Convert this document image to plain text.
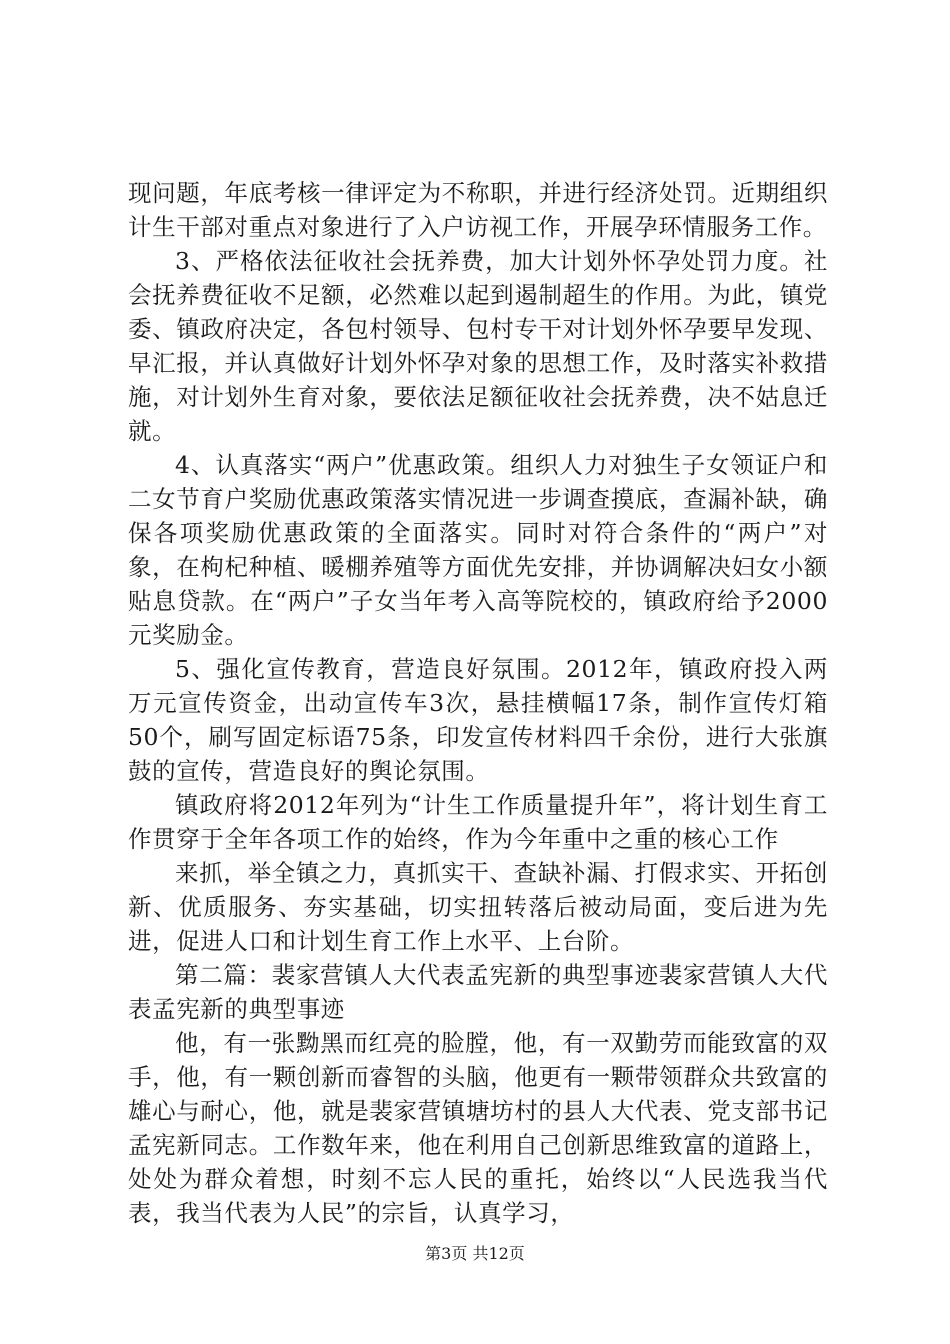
现问题，年底考核一律评定为不称职，并进行经济处罚。近期组织计生干部对重点对象进行了入户访视工作，开展孕环情服务工作。

3、严格依法征收社会抚养费，加大计划外怀孕处罚力度。社会抚养费征收不足额，必然难以起到遏制超生的作用。为此，镇党委、镇政府决定，各包村领导、包村专干对计划外怀孕要早发现、早汇报，并认真做好计划外怀孕对象的思想工作，及时落实补救措施，对计划外生育对象，要依法足额征收社会抚养费，决不姑息迁就。

4、认真落实“两户”优惠政策。组织人力对独生子女领证户和二女节育户奖励优惠政策落实情况进一步调查摸底，查漏补缺，确保各项奖励优惠政策的全面落实。同时对符合条件的“两户”对象，在枸杞种植、暖棚养殖等方面优先安排，并协调解决妇女小额贴息贷款。在“两户”子女当年考入高等院校的，镇政府给予2000元奖励金。

5、强化宣传教育，营造良好氛围。2012年，镇政府投入两万元宣传资金，出动宣传车3次，悬挂横幅17条，制作宣传灯箱50个，刷写固定标语75条，印发宣传材料四千余份，进行大张旗鼓的宣传，营造良好的舆论氛围。

镇政府将2012年列为“计生工作质量提升年”，将计划生育工作贯穿于全年各项工作的始终，作为今年重中之重的核心工作

来抓，举全镇之力，真抓实干、查缺补漏、打假求实、开拓创新、优质服务、夯实基础，切实扭转落后被动局面，变后进为先进，促进人口和计划生育工作上水平、上台阶。

第二篇：裴家营镇人大代表孟宪新的典型事迹裴家营镇人大代表孟宪新的典型事迹

他，有一张黝黑而红亮的脸膛，他，有一双勤劳而能致富的双手，他，有一颗创新而睿智的头脑，他更有一颗带领群众共致富的雄心与耐心，他，就是裴家营镇塘坊村的县人大代表、党支部书记孟宪新同志。工作数年来，他在利用自己创新思维致富的道路上，处处为群众着想，时刻不忘人民的重托，始终以“人民选我当代表，我当代表为人民”的宗旨，认真学习，

第3页 共12页
